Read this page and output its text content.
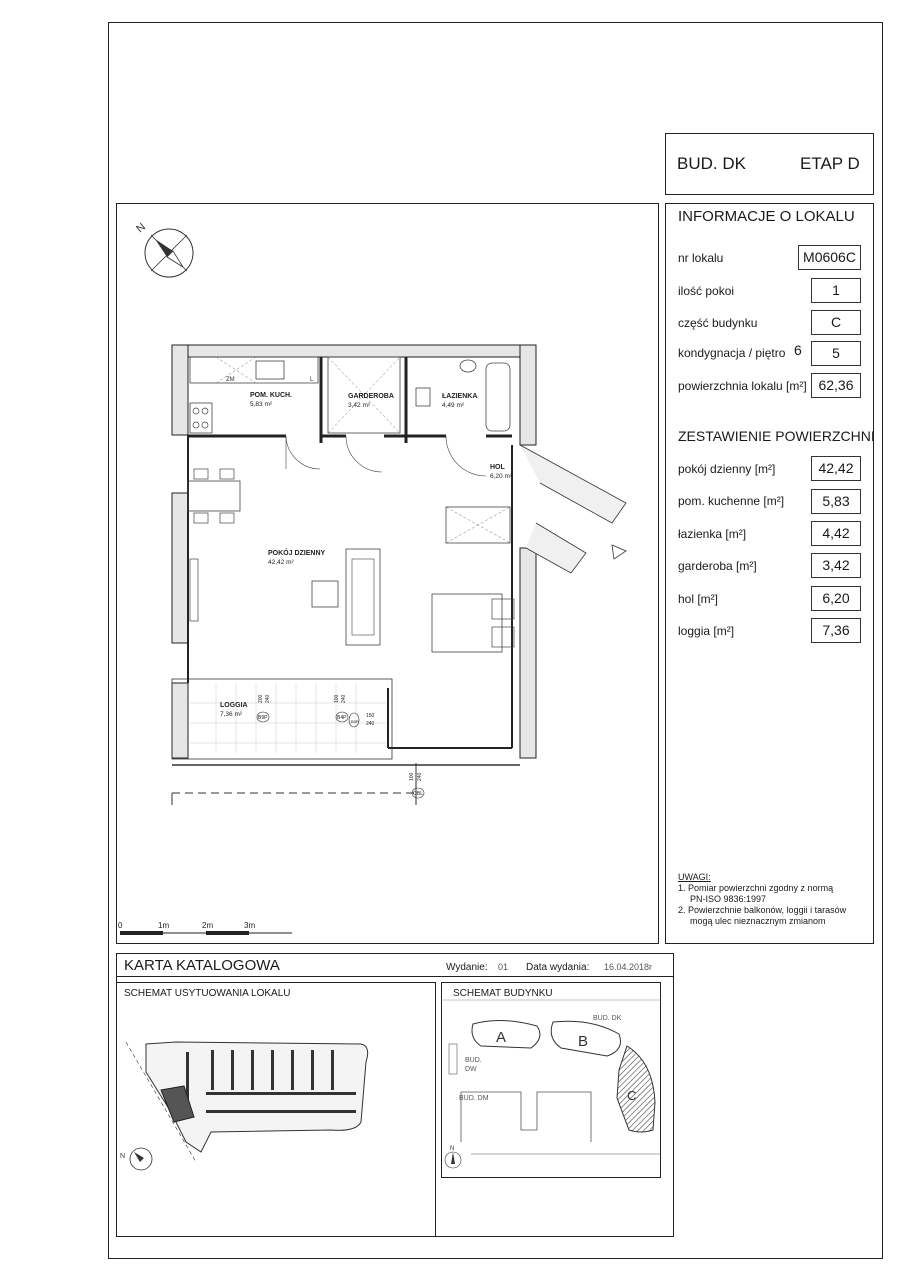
BUD. DK	ETAP D
INFORMACJE O LOKALU
nr lokalu	M0606C
ilość pokoi	1
część budynku	C
kondygnacja / piętro 6	5
powierzchnia lokalu [m²] 62,36
ZESTAWIENIE POWIERZCHNI
pokój dzienny [m²]	42,42
pom. kuchenne [m²]	5,83
łazienka [m²]	4,42
garderoba [m²]	3,42
hol [m²]	6,20
loggia [m²]	7,36
UWAGI:
1. Pomiar powierzchni zgodny z normą
PN-ISO 9836:1997
2. Powierzchnie balkonów, loggii i tarasów
mogą ulec nieznacznym zmianom
N
ZM	L
POM. KUCH.
5,83 m²
GARDEROBA
3,42 m²
ŁAZIENKA
4,49 m²
HOL
6,20 m²
POKÓJ DZIENNY
42,42 m²
LOGGIA
7,36 m²	B9P	B4P
B5P
OBL
200 240	100 240
150
240
100 240
0	1m	2m	3m
KARTA KATALOGOWA	Wydanie: 01 Data wydania: 16.04.2018r
SCHEMAT USYTUOWANIA LOKALU
N
SCHEMAT BUDYNKU
A	B
C
BUD. DK
BUD.
DW
BUD. DM
N
